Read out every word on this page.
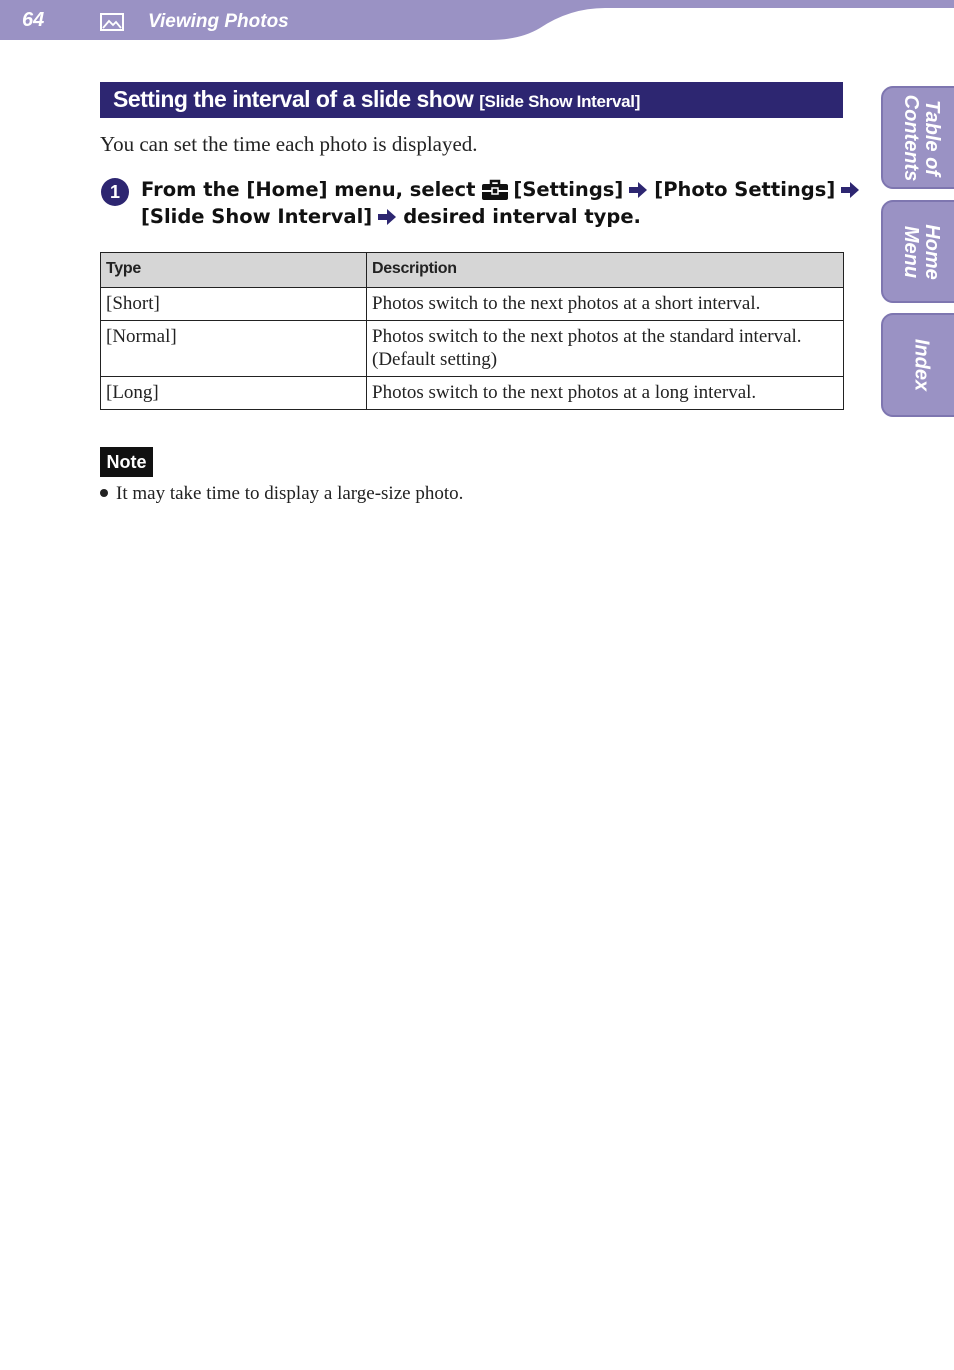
64	Viewing Photos
Table of
Contents
Home
Menu
Index
Setting the interval of a slide show [Slide Show Interval]

You can set the time each photo is displayed.

1	From the [Home] menu, select [Settings] [Photo Settings]
[Slide Show Interval] desired interval type.
Type	Description
[Short]	Photos switch to the next photos at a short interval.
[Normal]	Photos switch to the next photos at the standard interval.
(Default setting)
[Long]	Photos switch to the next photos at a long interval.
Note

It may take time to display a large-size photo.
